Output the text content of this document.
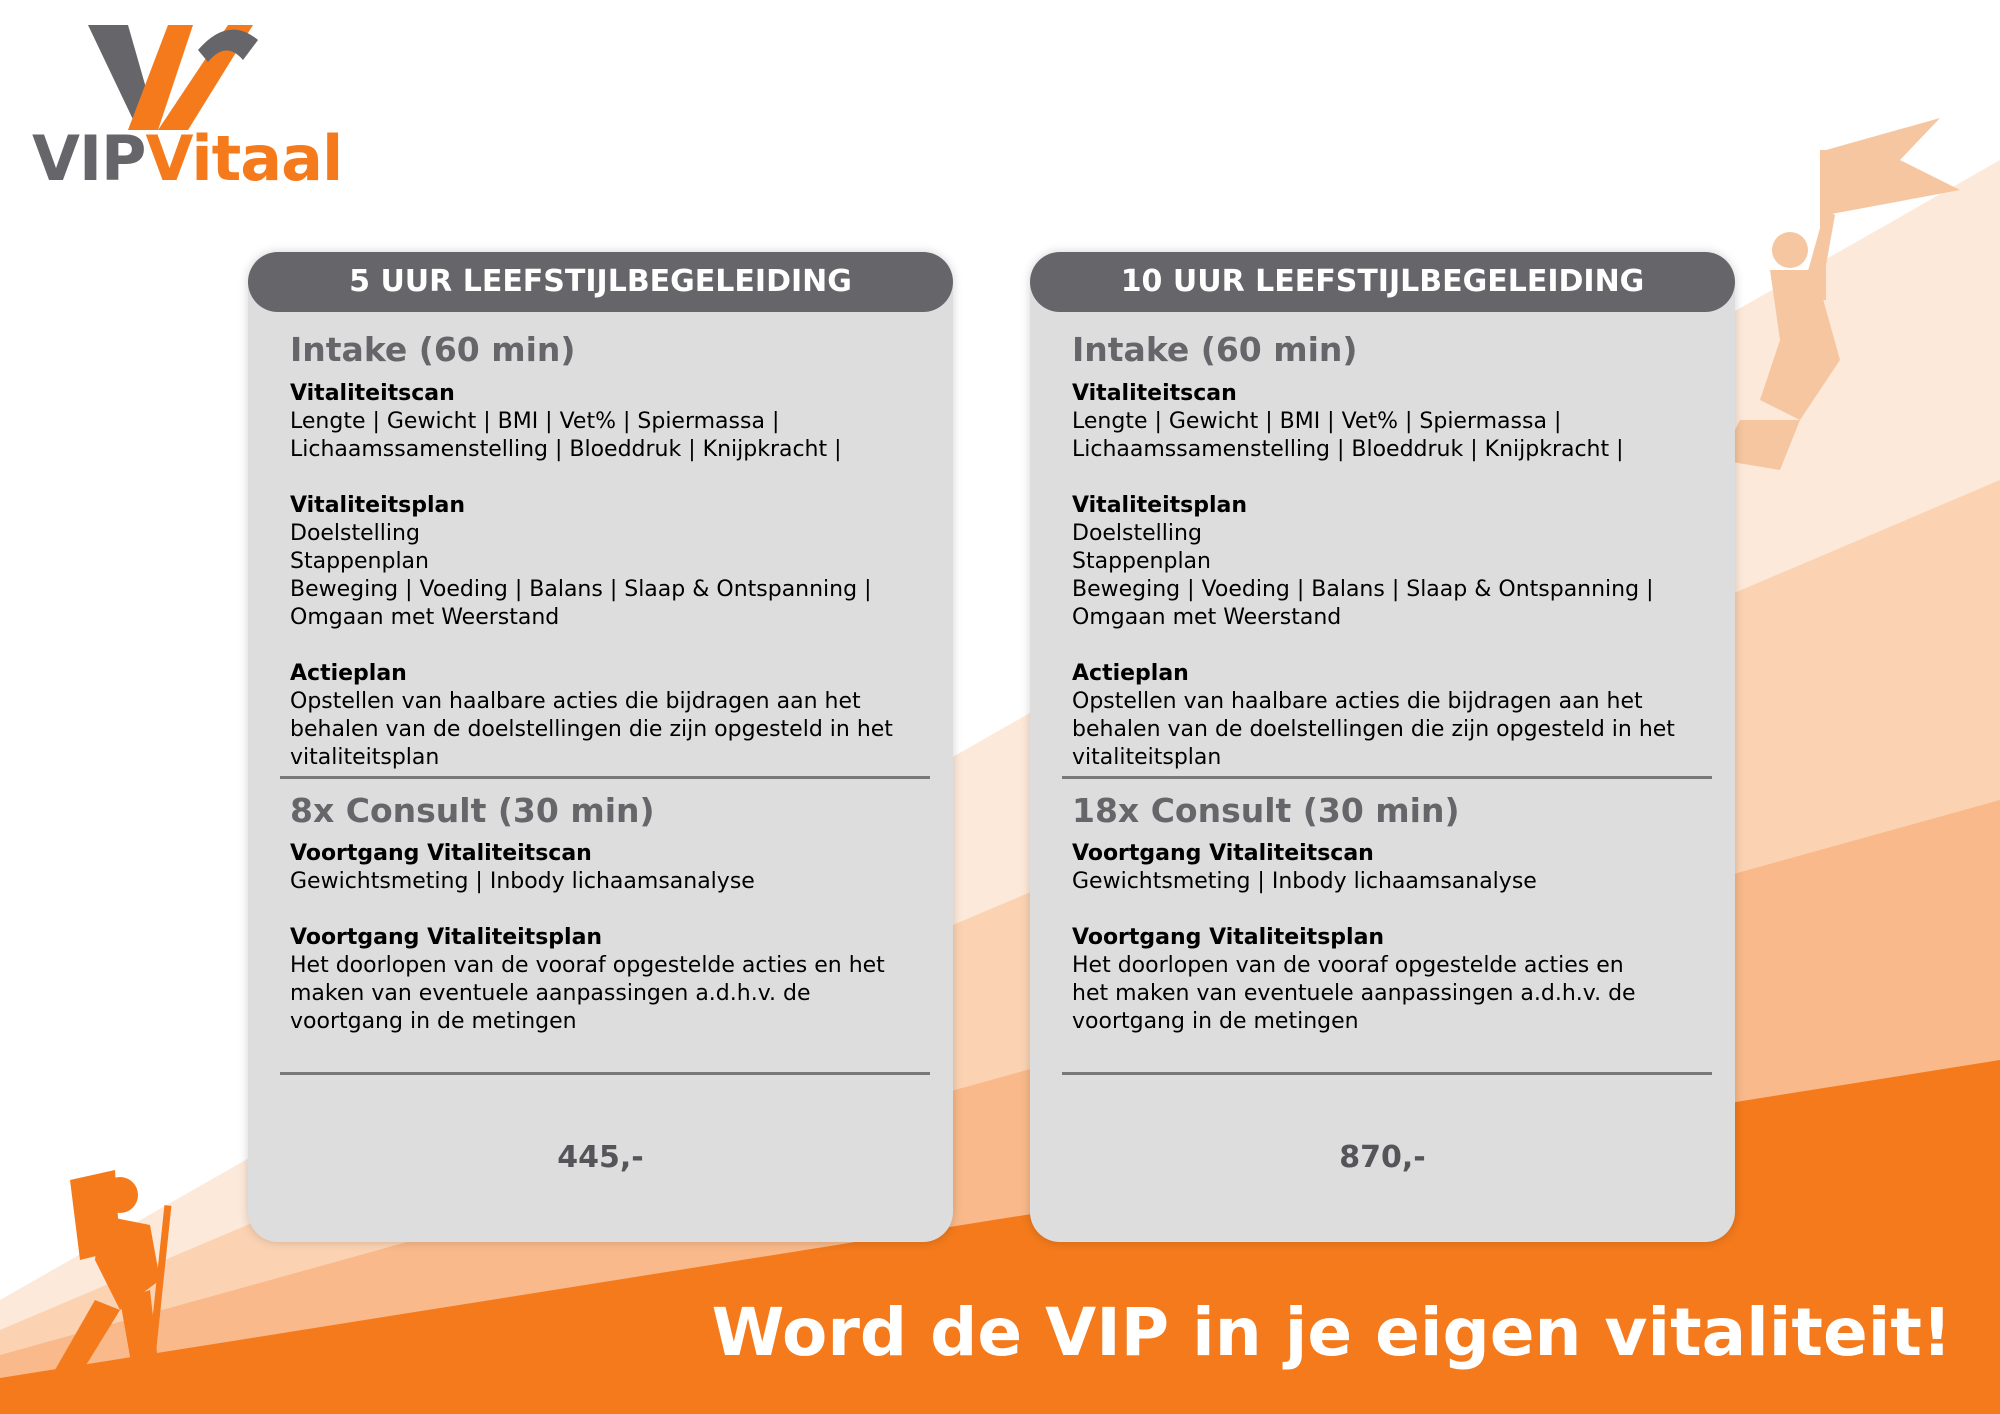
VIPVitaal
5 UUR LEEFSTIJLBEGELEIDING
Intake (60 min)
Vitaliteitscan
Lengte | Gewicht | BMI | Vet% | Spiermassa |
Lichaamssamenstelling | Bloeddruk | Knijpkracht |
Vitaliteitsplan
Doelstelling
Stappenplan
Beweging | Voeding | Balans | Slaap & Ontspanning |
Omgaan met Weerstand
Actieplan
Opstellen van haalbare acties die bijdragen aan het
behalen van de doelstellingen die zijn opgesteld in het
vitaliteitsplan
8x Consult (30 min)
Voortgang Vitaliteitscan
Gewichtsmeting | Inbody lichaamsanalyse
Voortgang Vitaliteitsplan
Het doorlopen van de vooraf opgestelde acties en het
maken van eventuele aanpassingen a.d.h.v. de
voortgang in de metingen
445,-
10 UUR LEEFSTIJLBEGELEIDING
Intake (60 min)
Vitaliteitscan
Lengte | Gewicht | BMI | Vet% | Spiermassa |
Lichaamssamenstelling | Bloeddruk | Knijpkracht |
Vitaliteitsplan
Doelstelling
Stappenplan
Beweging | Voeding | Balans | Slaap & Ontspanning |
Omgaan met Weerstand
Actieplan
Opstellen van haalbare acties die bijdragen aan het
behalen van de doelstellingen die zijn opgesteld in het
vitaliteitsplan
18x Consult (30 min)
Voortgang Vitaliteitscan
Gewichtsmeting | Inbody lichaamsanalyse
Voortgang Vitaliteitsplan
Het doorlopen van de vooraf opgestelde acties en
het maken van eventuele aanpassingen a.d.h.v. de
voortgang in de metingen
870,-
Word de VIP in je eigen vitaliteit!
